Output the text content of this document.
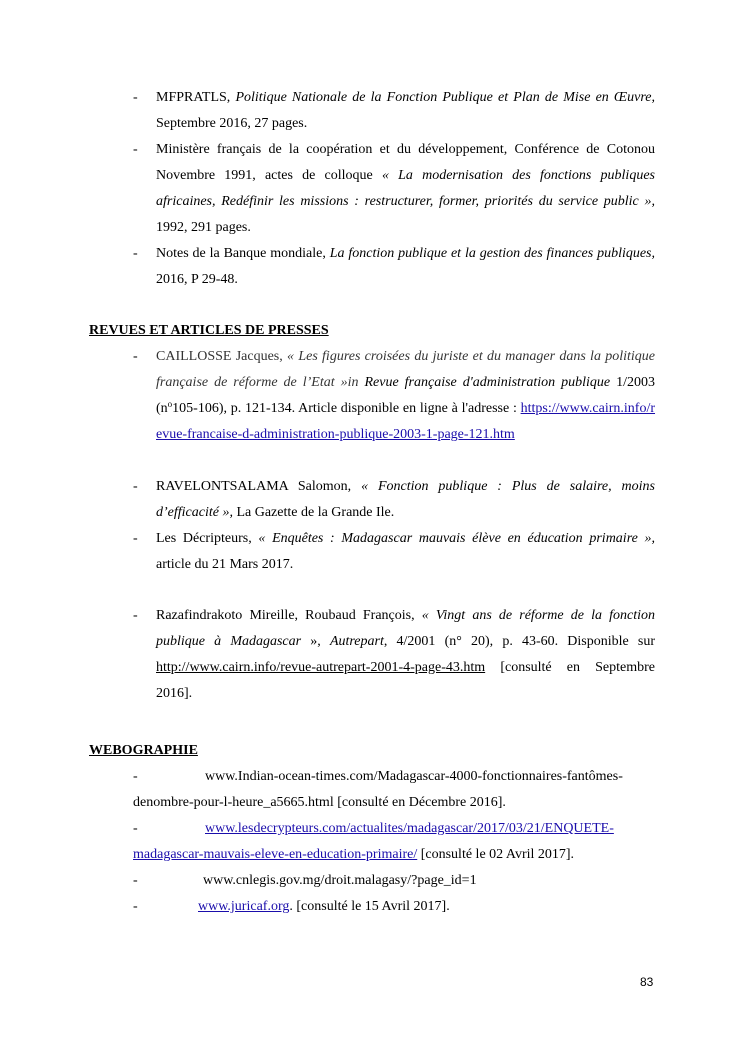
- MFPRATLS, Politique Nationale de la Fonction Publique et Plan de Mise en Œuvre, Septembre 2016, 27 pages.
- Ministère français de la coopération et du développement, Conférence de Cotonou Novembre 1991, actes de colloque « La modernisation des fonctions publiques africaines, Redéfinir les missions : restructurer, former, priorités du service public », 1992, 291 pages.
- Notes de la Banque mondiale, La fonction publique et la gestion des finances publiques, 2016, P 29-48.
REVUES ET ARTICLES DE PRESSES
- CAILLOSSE Jacques, « Les figures croisées du juriste et du manager dans la politique française de réforme de l’Etat »in Revue française d'administration publique 1/2003 $(n^o105-106)$, p. 121-134. Article disponible en ligne à l'adresse : https://www.cairn.info/revue-francaise-d-administration-publique-2003-1-page-121.htm
- RAVELONTSALAMA Salomon, « Fonction publique : Plus de salaire, moins d’efficacité », La Gazette de la Grande Ile.
- Les Décripteurs, « Enquêtes : Madagascar mauvais élève en éducation primaire », article du 21 Mars 2017.
- Razafindrakoto Mireille, Roubaud François, « Vingt ans de réforme de la fonction publique à Madagascar », Autrepart, 4/2001 (n° 20), p. 43-60. Disponible sur http://www.cairn.info/revue-autrepart-2001-4-page-43.htm [consulté en Septembre 2016].
WEBOGRAPHIE
-	www.Indian-ocean-times.com/Madagascar-4000-fonctionnaires-fantômes-
denombre-pour-l-heure_a5665.html [consulté en Décembre 2016].
-	www.lesdecrypteurs.com/actualites/madagascar/2017/03/21/ENQUETE-
madagascar-mauvais-eleve-en-education-primaire/ [consulté le 02 Avril 2017].
-	www.cnlegis.gov.mg/droit.malagasy/?page_id=1
-	www.juricaf.org. [consulté le 15 Avril 2017].
83
